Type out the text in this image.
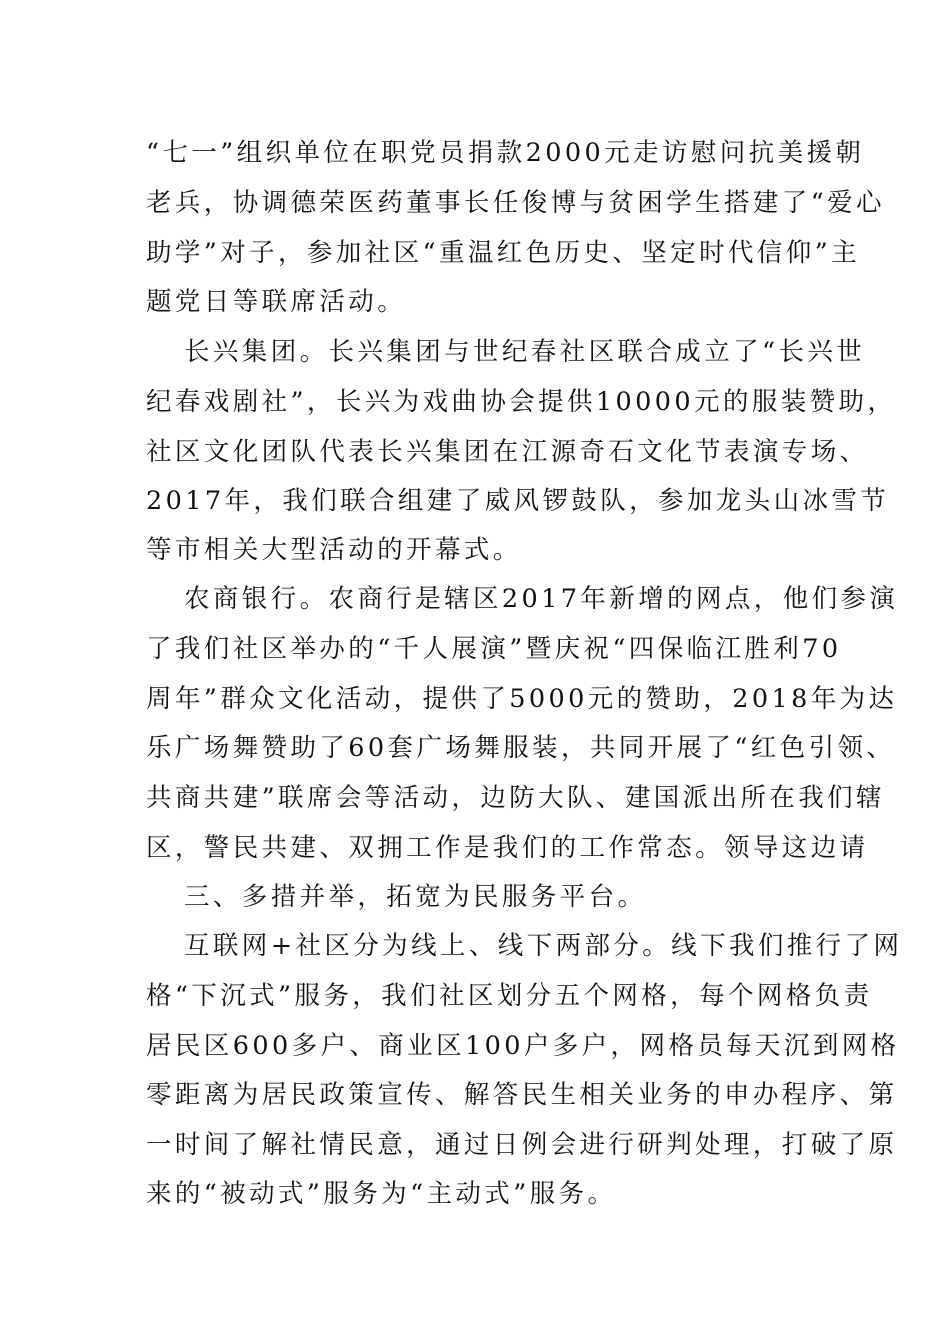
“七一”组织单位在职党员捐款2000元走访慰问抗美援朝
老兵，协调德荣医药董事长任俊博与贫困学生搭建了“爱心
助学”对子，参加社区“重温红色历史、坚定时代信仰”主
题党日等联席活动。
长兴集团。长兴集团与世纪春社区联合成立了“长兴世
纪春戏剧社”，长兴为戏曲协会提供10000元的服装赞助，
社区文化团队代表长兴集团在江源奇石文化节表演专场、
2017年，我们联合组建了威风锣鼓队，参加龙头山冰雪节
等市相关大型活动的开幕式。
农商银行。农商行是辖区2017年新增的网点，他们参演
了我们社区举办的“千人展演”暨庆祝“四保临江胜利70
周年”群众文化活动，提供了5000元的赞助，2018年为达
乐广场舞赞助了60套广场舞服装，共同开展了“红色引领、
共商共建”联席会等活动，边防大队、建国派出所在我们辖
区，警民共建、双拥工作是我们的工作常态。领导这边请
三、多措并举，拓宽为民服务平台。
互联网+社区分为线上、线下两部分。线下我们推行了网
格“下沉式”服务，我们社区划分五个网格，每个网格负责
居民区600多户、商业区100户多户，网格员每天沉到网格
零距离为居民政策宣传、解答民生相关业务的申办程序、第
一时间了解社情民意，通过日例会进行研判处理，打破了原
来的“被动式”服务为“主动式”服务。
